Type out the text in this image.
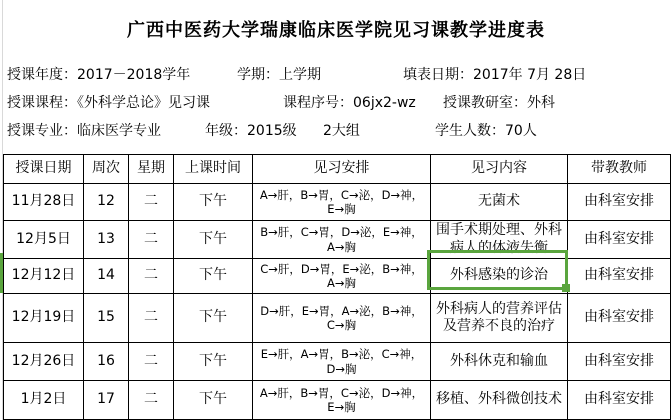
广西中医药大学瑞康临床医学院见习课教学进度表
授课年度：2017－2018学年	学期：上学期	填表日期：2017年 7月 28日
授课课程：《外科学总论》见习课	课程序号：06jx2-wz 授课教研室：外科
授课专业：临床医学专业	年级：2015级 2大组	学生人数：70人
授课日期	周次	星期	上课时间	见习安排	见习内容	带教教师
11月28日	12	二	下午	A→肝，B→胃，C→泌，D→神，E→胸	无菌术	由科室安排
12月5日	13	二	下午	B→肝，C→胃，D→泌，E→神，A→胸	围手术期处理、外科病人的体液失衡	由科室安排
12月12日	14	二	下午	C→肝，D→胃，E→泌，B→神，A→胸	外科感染的诊治	由科室安排
12月19日	15	二	下午	D→肝，E→胃，A→泌，B→神，C→胸	外科病人的营养评估及营养不良的治疗	由科室安排
12月26日	16	二	下午	E→肝，A→胃，B→泌，C→神，D→胸	外科休克和输血	由科室安排
1月2日	17	二	下午	A→肝，B→胃，C→泌，D→神，E→胸	移植、外科微创技术	由科室安排
